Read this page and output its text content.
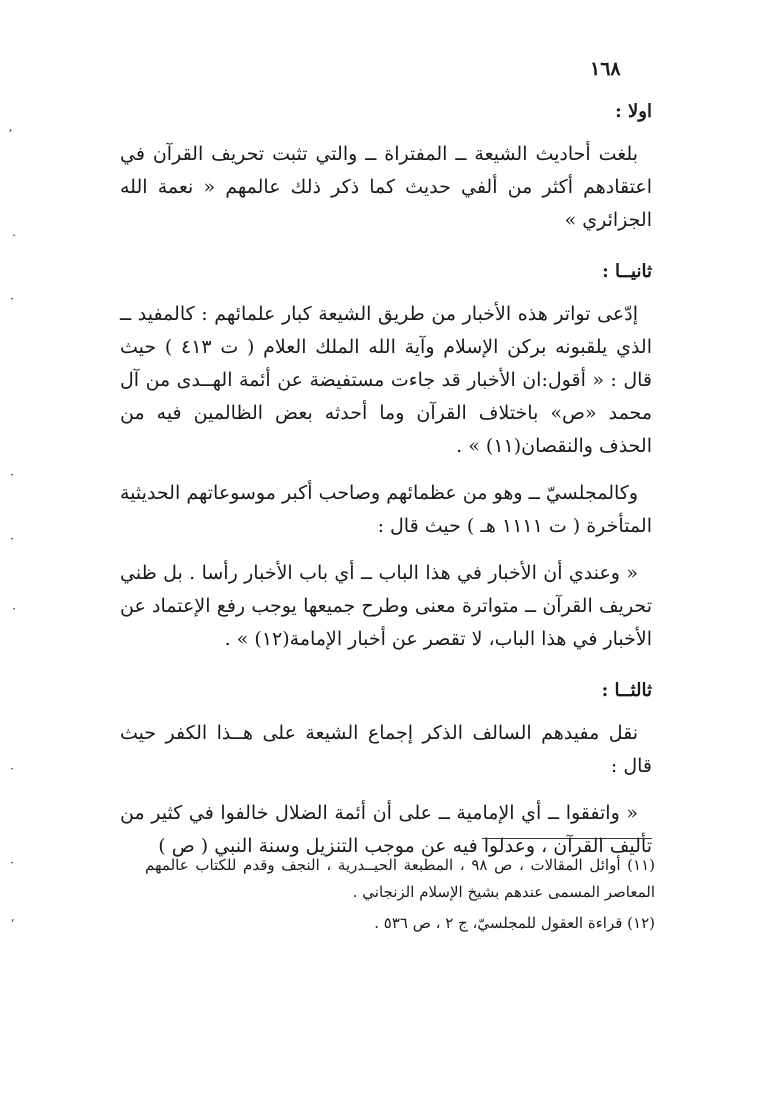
١٦٨
اولا :

بلغت أحاديث الشيعة ــ المفتراة ــ والتي تثبت تحريف القرآن في اعتقادهم أكثر من ألفي حديث كما ذكر ذلك عالمهم « نعمة الله الجزائري »

ثانيــا :

إدّعى تواتر هذه الأخبار من طريق الشيعة كبار علمائهم : كالمفيد ــ الذي يلقبونه بركن الإسلام وآية الله الملك العلام ( ت ٤١٣ ) حيث قال : « أقول:ان الأخبار قد جاءت مستفيضة عن أئمة الهــدى من آل محمد «ص» باختلاف القرآن وما أحدثه بعض الظالمين فيه من الحذف والنقصان(١١) » .

وكالمجلسيّ ــ وهو من عظمائهم وصاحب أكبر موسوعاتهم الحديثية المتأخرة ( ت ١١١١ هـ ) حيث قال :

« وعندي أن الأخبار في هذا الباب ــ أي باب الأخبار رأسا . بل ظني تحريف القرآن ــ متواترة معنى وطرح جميعها يوجب رفع الإعتماد عن الأخبار في هذا الباب، لا تقصر عن أخبار الإمامة(١٢) » .

ثالثــا :

نقل مفيدهم السالف الذكر إجماع الشيعة على هــذا الكفر حيث قال :

« واتفقوا ــ أي الإمامية ــ على أن أئمة الضلال خالفوا في كثير من تأليف القرآن ، وعدلوا فيه عن موجب التنزيل وسنة النبي ( ص )

(١١) أوائل المقالات ، ص ٩٨ ، المطبعة الحيــدرية ، النجف وقدم للكتاب عالمهم المعاصر المسمى عندهم بشيخ الإسلام الزنجاني .

(١٢) قراءة العقول للمجلسيّ، ج ٢ ، ص ٥٣٦ .

ʼ
ˎ
·
·
·
·
·
·
ʼ
